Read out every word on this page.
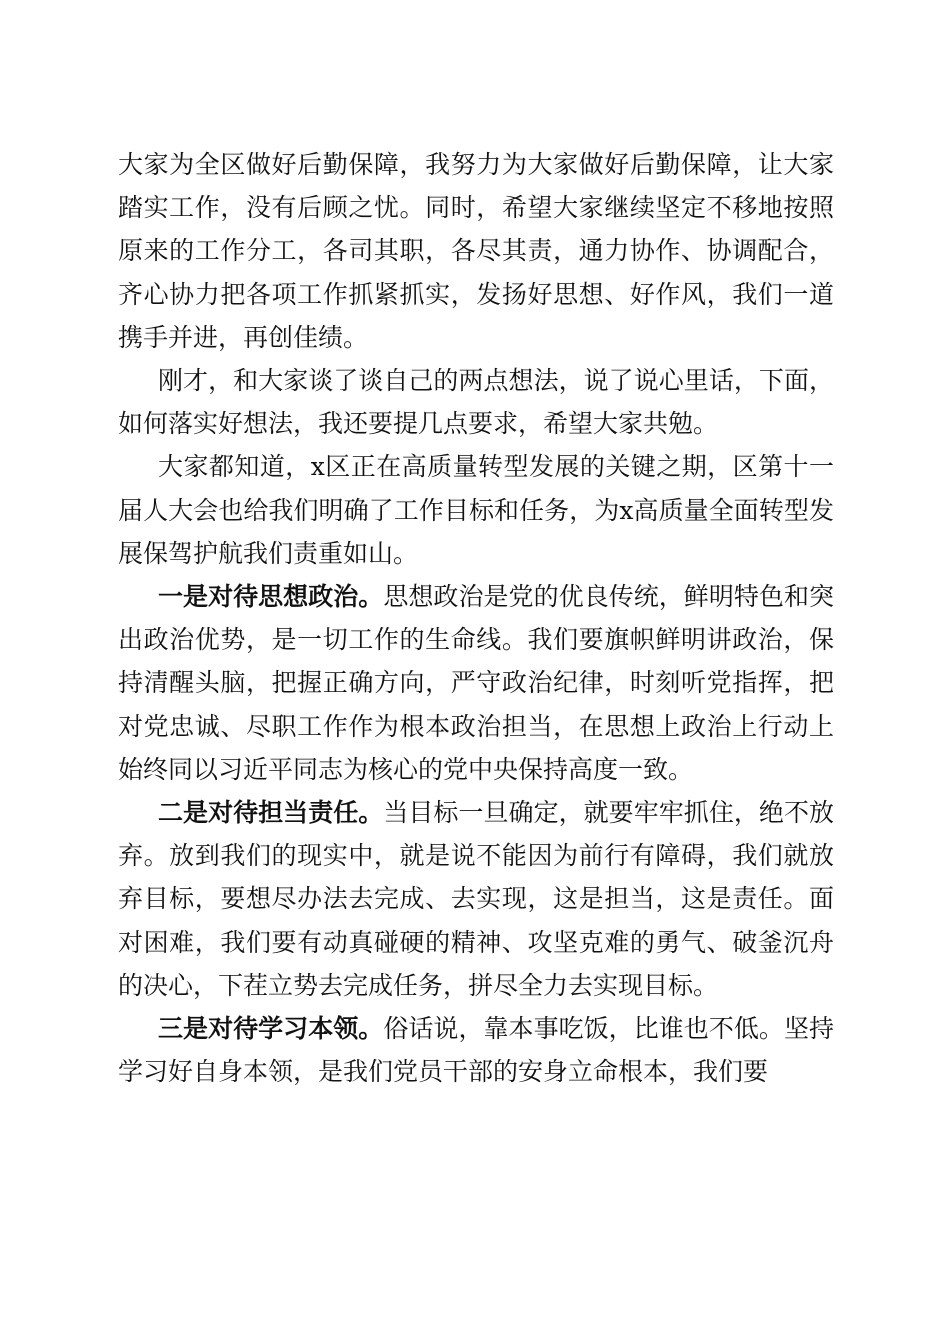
大家为全区做好后勤保障，我努力为大家做好后勤保障，让大家踏实工作，没有后顾之忧。同时，希望大家继续坚定不移地按照原来的工作分工，各司其职，各尽其责，通力协作、协调配合，齐心协力把各项工作抓紧抓实，发扬好思想、好作风，我们一道携手并进，再创佳绩。

刚才，和大家谈了谈自己的两点想法，说了说心里话，下面，如何落实好想法，我还要提几点要求，希望大家共勉。

大家都知道，x区正在高质量转型发展的关键之期，区第十一届人大会也给我们明确了工作目标和任务，为x高质量全面转型发展保驾护航我们责重如山。

一是对待思想政治。思想政治是党的优良传统，鲜明特色和突出政治优势，是一切工作的生命线。我们要旗帜鲜明讲政治，保持清醒头脑，把握正确方向，严守政治纪律，时刻听党指挥，把对党忠诚、尽职工作作为根本政治担当，在思想上政治上行动上始终同以习近平同志为核心的党中央保持高度一致。

二是对待担当责任。当目标一旦确定，就要牢牢抓住，绝不放弃。放到我们的现实中，就是说不能因为前行有障碍，我们就放弃目标，要想尽办法去完成、去实现，这是担当，这是责任。面对困难，我们要有动真碰硬的精神、攻坚克难的勇气、破釜沉舟的决心，下茬立势去完成任务，拼尽全力去实现目标。

三是对待学习本领。俗话说，靠本事吃饭，比谁也不低。坚持学习好自身本领，是我们党员干部的安身立命根本，我们要
